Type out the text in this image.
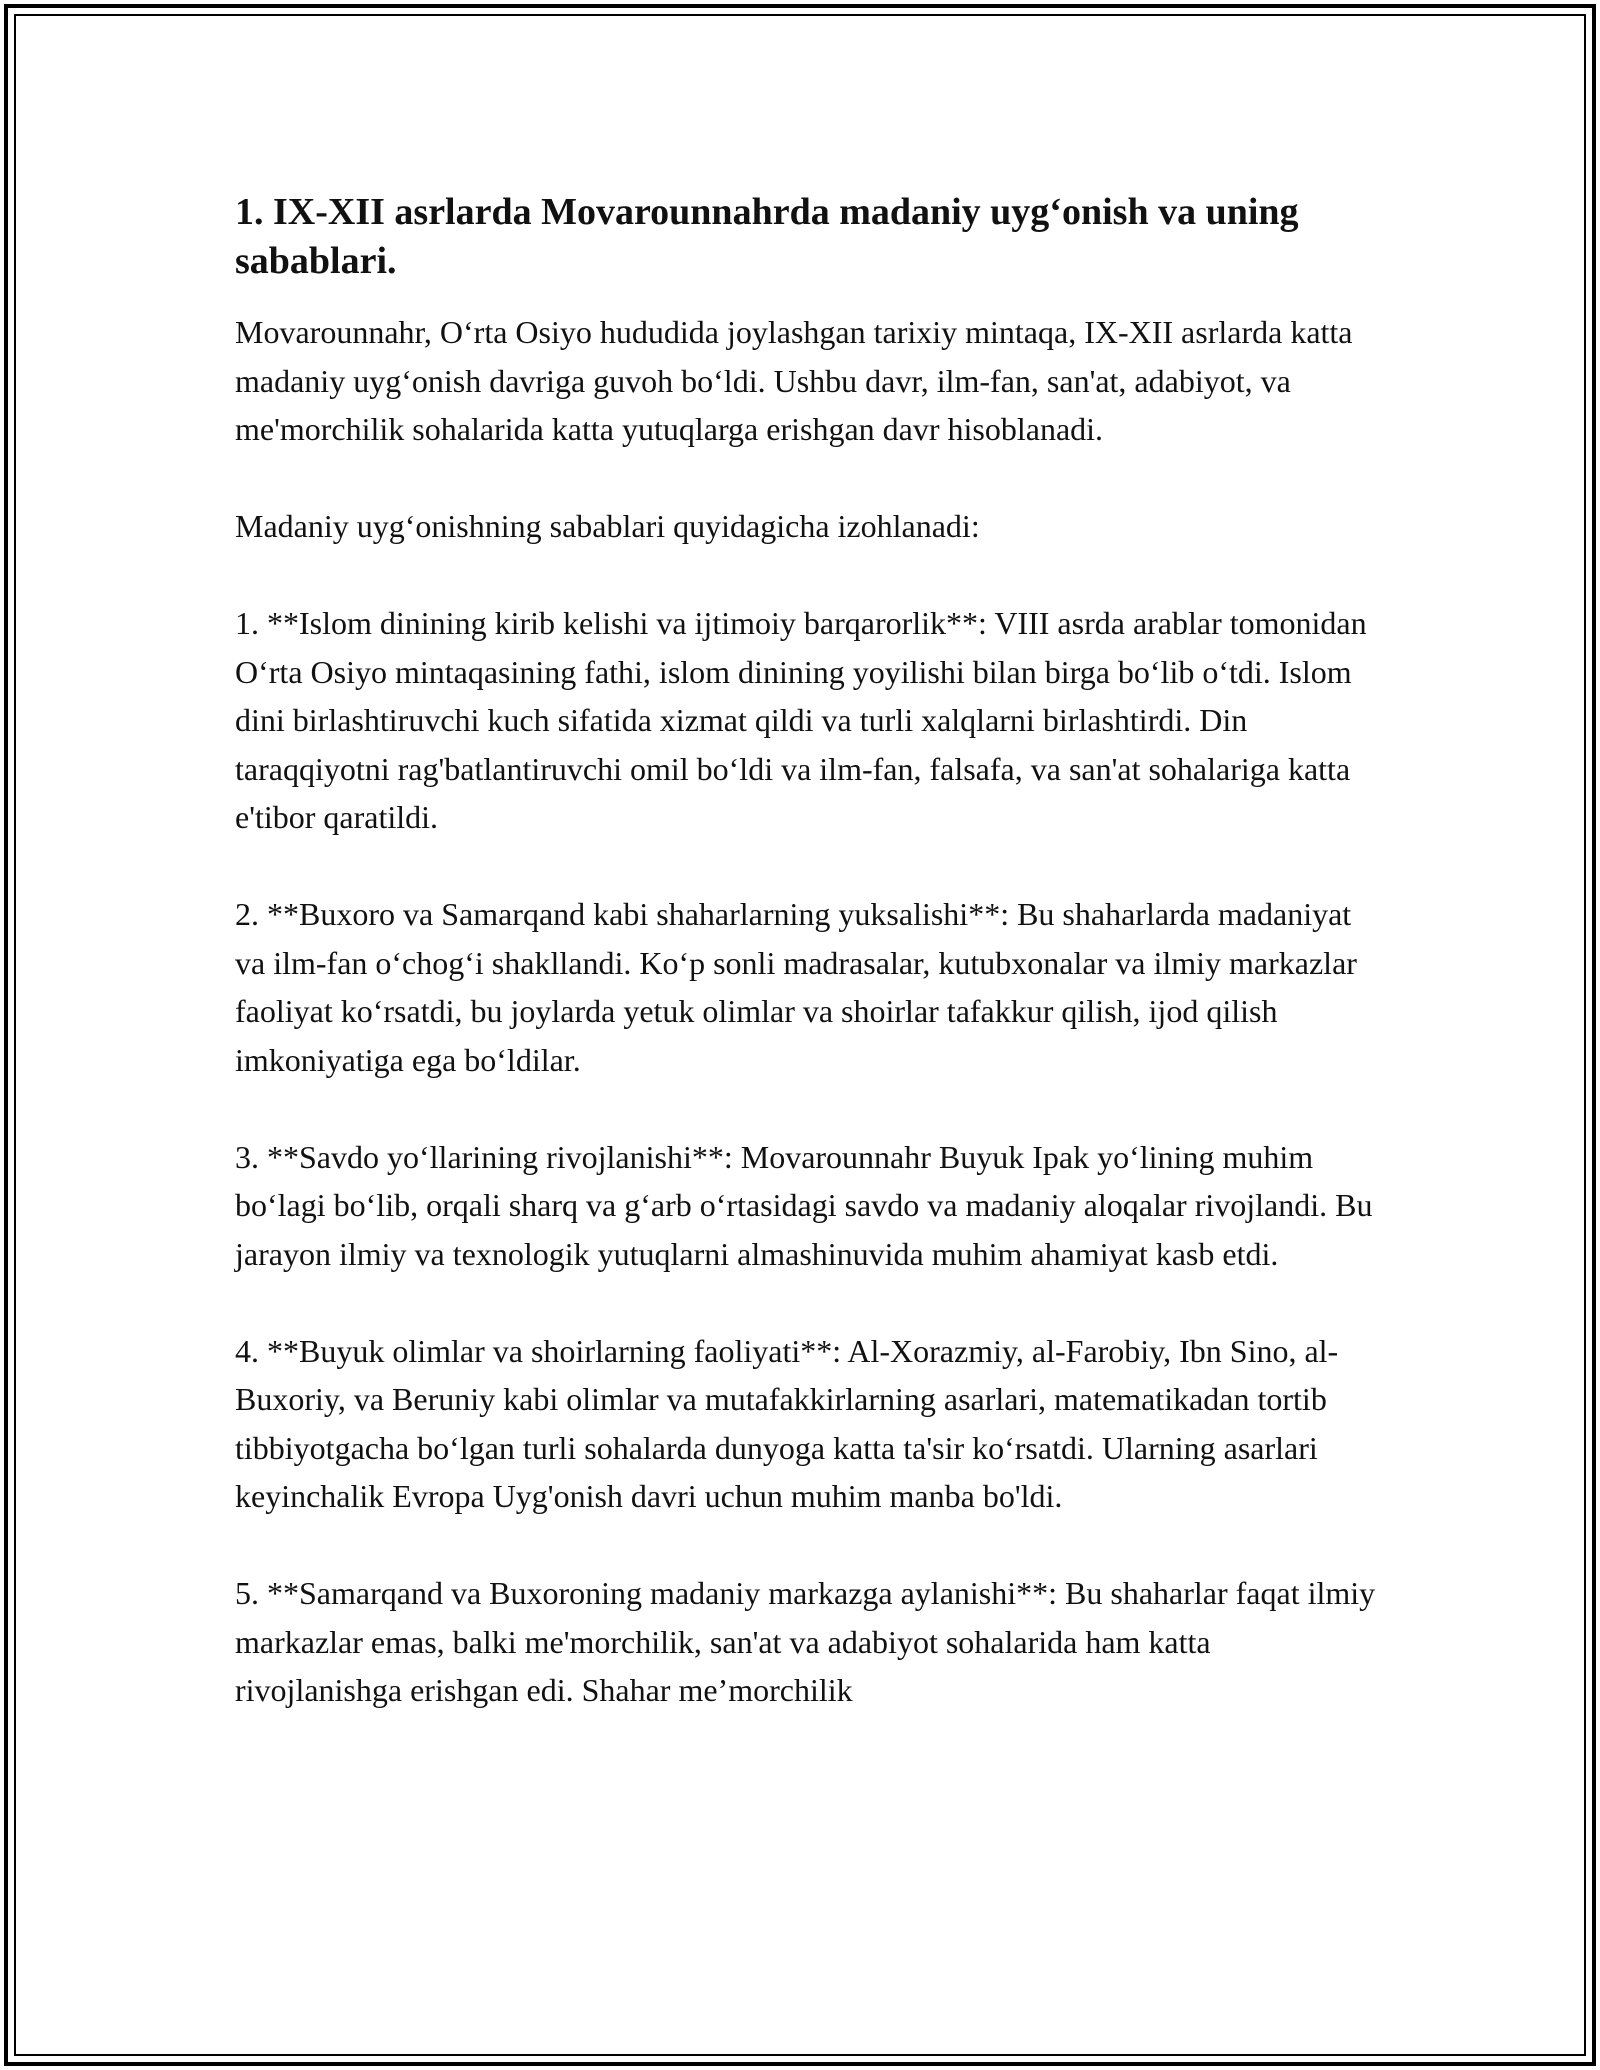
1. IX-XII asrlarda Movarounnahrda madaniy uyg‘onish va uning sabablari.

Movarounnahr, O‘rta Osiyo hududida joylashgan tarixiy mintaqa, IX-XII asrlarda katta madaniy uyg‘onish davriga guvoh bo‘ldi. Ushbu davr, ilm-fan, san'at, adabiyot, va me'morchilik sohalarida katta yutuqlarga erishgan davr hisoblanadi.

Madaniy uyg‘onishning sabablari quyidagicha izohlanadi:

1. **Islom dinining kirib kelishi va ijtimoiy barqarorlik**: VIII asrda arablar tomonidan O‘rta Osiyo mintaqasining fathi, islom dinining yoyilishi bilan birga bo‘lib o‘tdi. Islom dini birlashtiruvchi kuch sifatida xizmat qildi va turli xalqlarni birlashtirdi. Din taraqqiyotni rag'batlantiruvchi omil bo‘ldi va ilm-fan, falsafa, va san'at sohalariga katta e'tibor qaratildi.

2. **Buxoro va Samarqand kabi shaharlarning yuksalishi**: Bu shaharlarda madaniyat va ilm-fan o‘chog‘i shakllandi. Ko‘p sonli madrasalar, kutubxonalar va ilmiy markazlar faoliyat ko‘rsatdi, bu joylarda yetuk olimlar va shoirlar tafakkur qilish, ijod qilish imkoniyatiga ega bo‘ldilar.

3. **Savdo yo‘llarining rivojlanishi**: Movarounnahr Buyuk Ipak yo‘lining muhim bo‘lagi bo‘lib, orqali sharq va g‘arb o‘rtasidagi savdo va madaniy aloqalar rivojlandi. Bu jarayon ilmiy va texnologik yutuqlarni almashinuvida muhim ahamiyat kasb etdi.

4. **Buyuk olimlar va shoirlarning faoliyati**: Al-Xorazmiy, al-Farobiy, Ibn Sino, al-Buxoriy, va Beruniy kabi olimlar va mutafakkirlarning asarlari, matematikadan tortib tibbiyotgacha bo‘lgan turli sohalarda dunyoga katta ta'sir ko‘rsatdi. Ularning asarlari keyinchalik Evropa Uyg'onish davri uchun muhim manba bo'ldi.

5. **Samarqand va Buxoroning madaniy markazga aylanishi**: Bu shaharlar faqat ilmiy markazlar emas, balki me'morchilik, san'at va adabiyot sohalarida ham katta rivojlanishga erishgan edi. Shahar me’morchilik
